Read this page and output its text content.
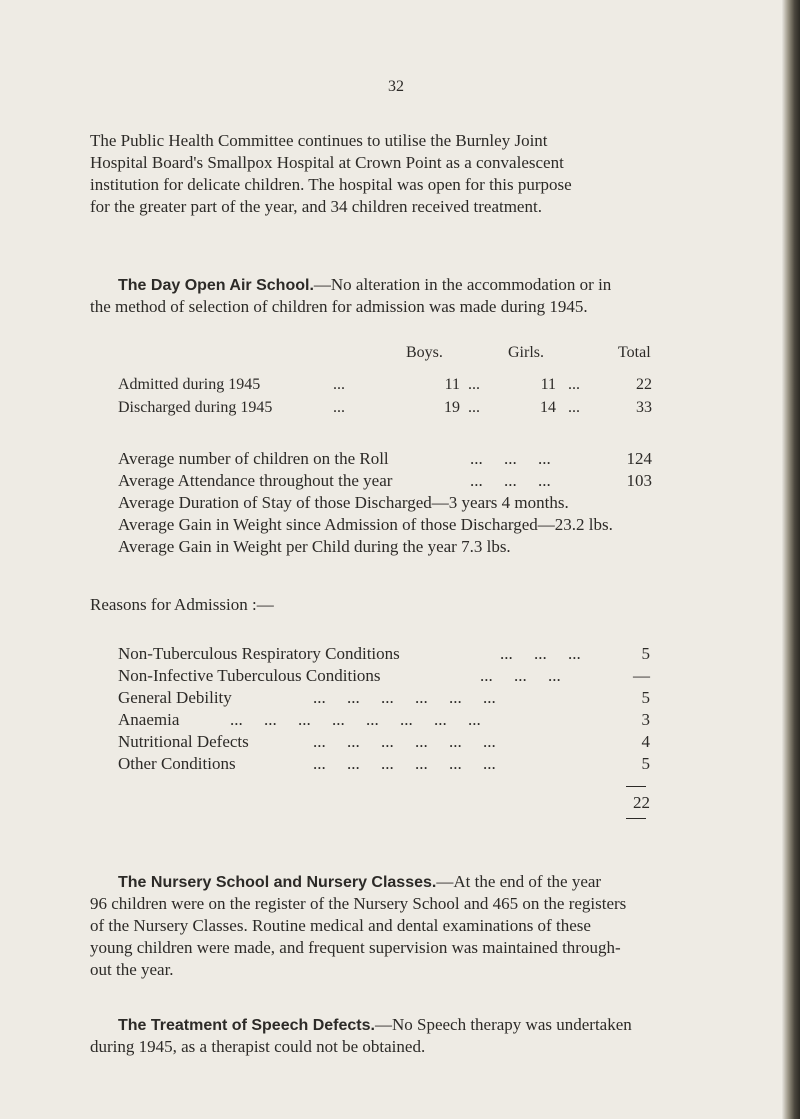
32
The Public Health Committee continues to utilise the Burnley Joint
Hospital Board's Smallpox Hospital at Crown Point as a convalescent
institution for delicate children. The hospital was open for this purpose
for the greater part of the year, and 34 children received treatment.
The Day Open Air School.—No alteration in the accommodation or in
the method of selection of children for admission was made during 1945.
Boys.	Girls.	Total
Admitted during 1945	...	11 ...	11 ...	22
Discharged during 1945	...	19 ...	14 ...	33
Average number of children on the Roll	...     ...     ...	124
Average Attendance throughout the year	...     ...     ...	103
Average Duration of Stay of those Discharged—3 years 4 months.
Average Gain in Weight since Admission of those Discharged—23.2 lbs.
Average Gain in Weight per Child during the year 7.3 lbs.
Reasons for Admission :—
Non-Tuberculous Respiratory Conditions	...     ...     ...	5
Non-Infective Tuberculous Conditions	...     ...     ...	—
General Debility	...     ...     ...     ...     ...     ...	5
Anaemia	...     ...     ...     ...     ...     ...     ...     ...	3
Nutritional Defects	...     ...     ...     ...     ...     ...	4
Other Conditions	...     ...     ...     ...     ...     ...	5
22
The Nursery School and Nursery Classes.—At the end of the year
96 children were on the register of the Nursery School and 465 on the registers
of the Nursery Classes. Routine medical and dental examinations of these
young children were made, and frequent supervision was maintained through-
out the year.
The Treatment of Speech Defects.—No Speech therapy was undertaken
during 1945, as a therapist could not be obtained.
